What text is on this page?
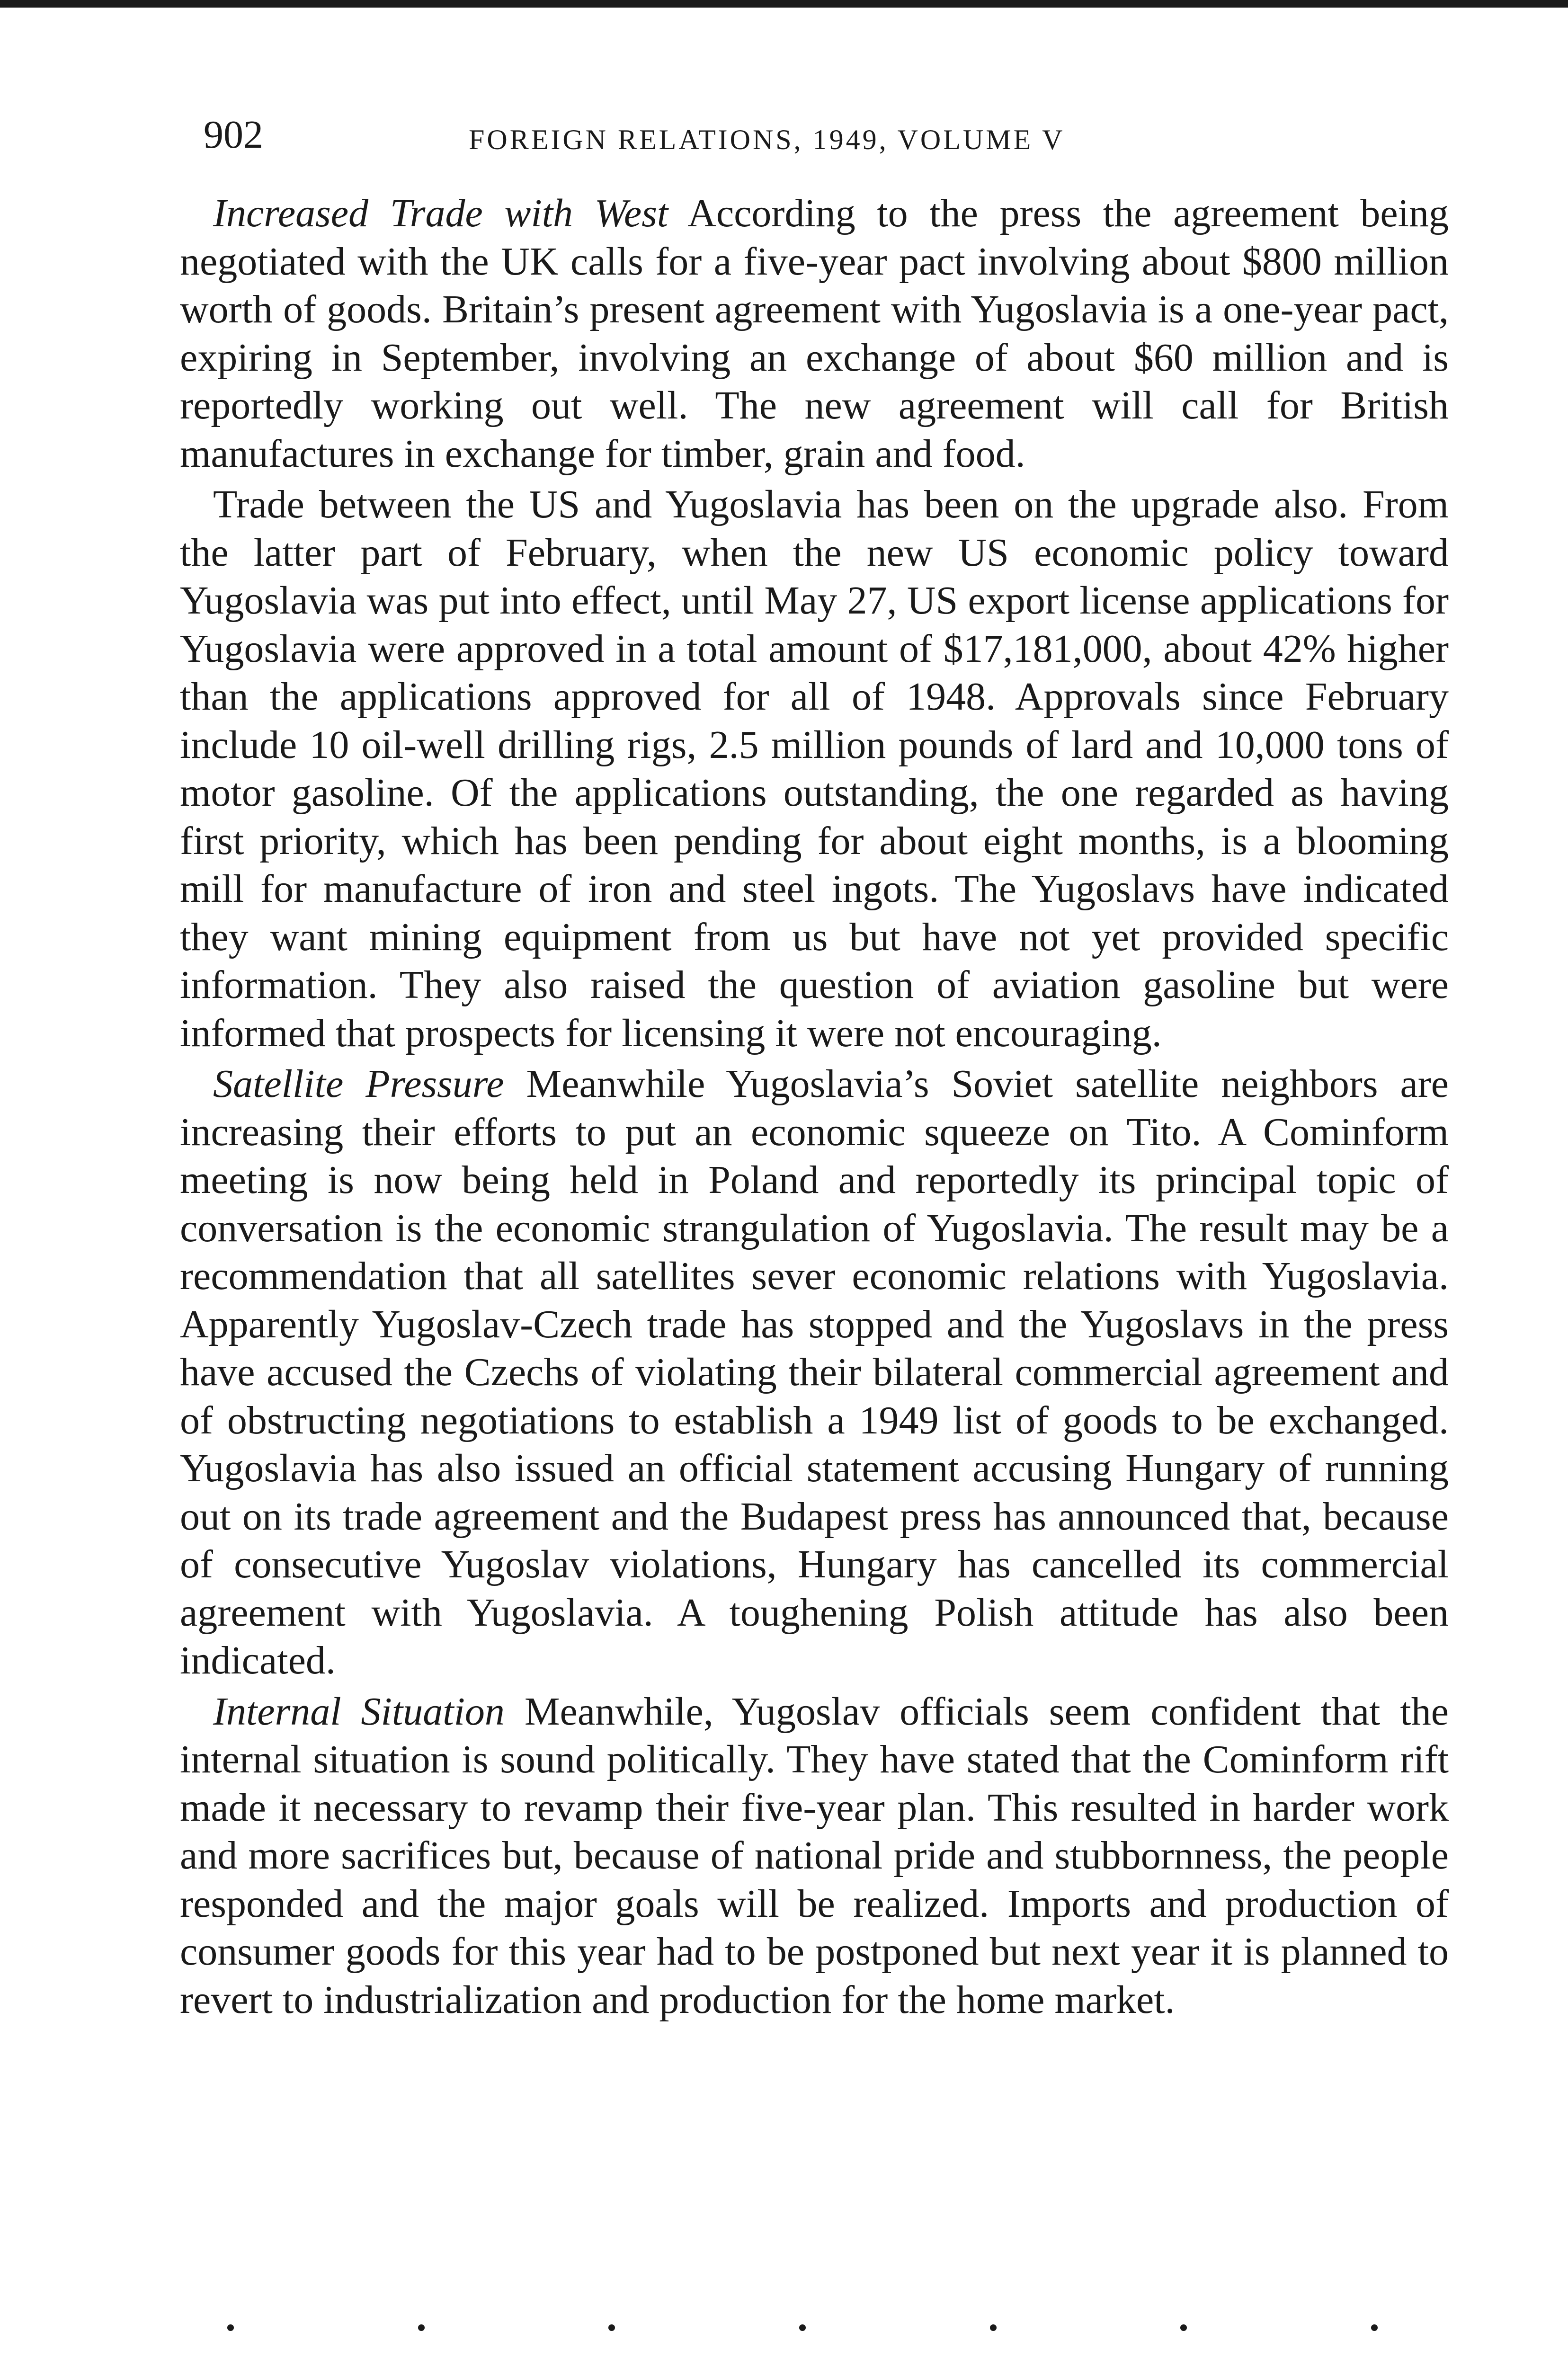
902	FOREIGN RELATIONS, 1949, VOLUME V

Increased Trade with West According to the press the agreement being negotiated with the UK calls for a five-year pact involving about $800 million worth of goods. Britain’s present agreement with Yugoslavia is a one-year pact, expiring in September, involving an exchange of about $60 million and is reportedly working out well. The new agreement will call for British manufactures in exchange for timber, grain and food.

Trade between the US and Yugoslavia has been on the upgrade also. From the latter part of February, when the new US economic policy toward Yugoslavia was put into effect, until May 27, US export license applications for Yugoslavia were approved in a total amount of $17,181,000, about 42% higher than the applications approved for all of 1948. Approvals since February include 10 oil-well drilling rigs, 2.5 million pounds of lard and 10,000 tons of motor gasoline. Of the applications outstanding, the one regarded as having first priority, which has been pending for about eight months, is a blooming mill for manufacture of iron and steel ingots. The Yugoslavs have indicated they want mining equipment from us but have not yet provided specific information. They also raised the question of aviation gasoline but were informed that prospects for licensing it were not encouraging.

Satellite Pressure Meanwhile Yugoslavia’s Soviet satellite neighbors are increasing their efforts to put an economic squeeze on Tito. A Cominform meeting is now being held in Poland and reportedly its principal topic of conversation is the economic strangulation of Yugoslavia. The result may be a recommendation that all satellites sever economic relations with Yugoslavia. Apparently Yugoslav-Czech trade has stopped and the Yugoslavs in the press have accused the Czechs of violating their bilateral commercial agreement and of obstructing negotiations to establish a 1949 list of goods to be exchanged. Yugoslavia has also issued an official statement accusing Hungary of running out on its trade agreement and the Budapest press has announced that, because of consecutive Yugoslav violations, Hungary has cancelled its commercial agreement with Yugoslavia. A toughening Polish attitude has also been indicated.

Internal Situation Meanwhile, Yugoslav officials seem confident that the internal situation is sound politically. They have stated that the Cominform rift made it necessary to revamp their five-year plan. This resulted in harder work and more sacrifices but, because of national pride and stubbornness, the people responded and the major goals will be realized. Imports and production of consumer goods for this year had to be postponed but next year it is planned to revert to industrialization and production for the home market.
